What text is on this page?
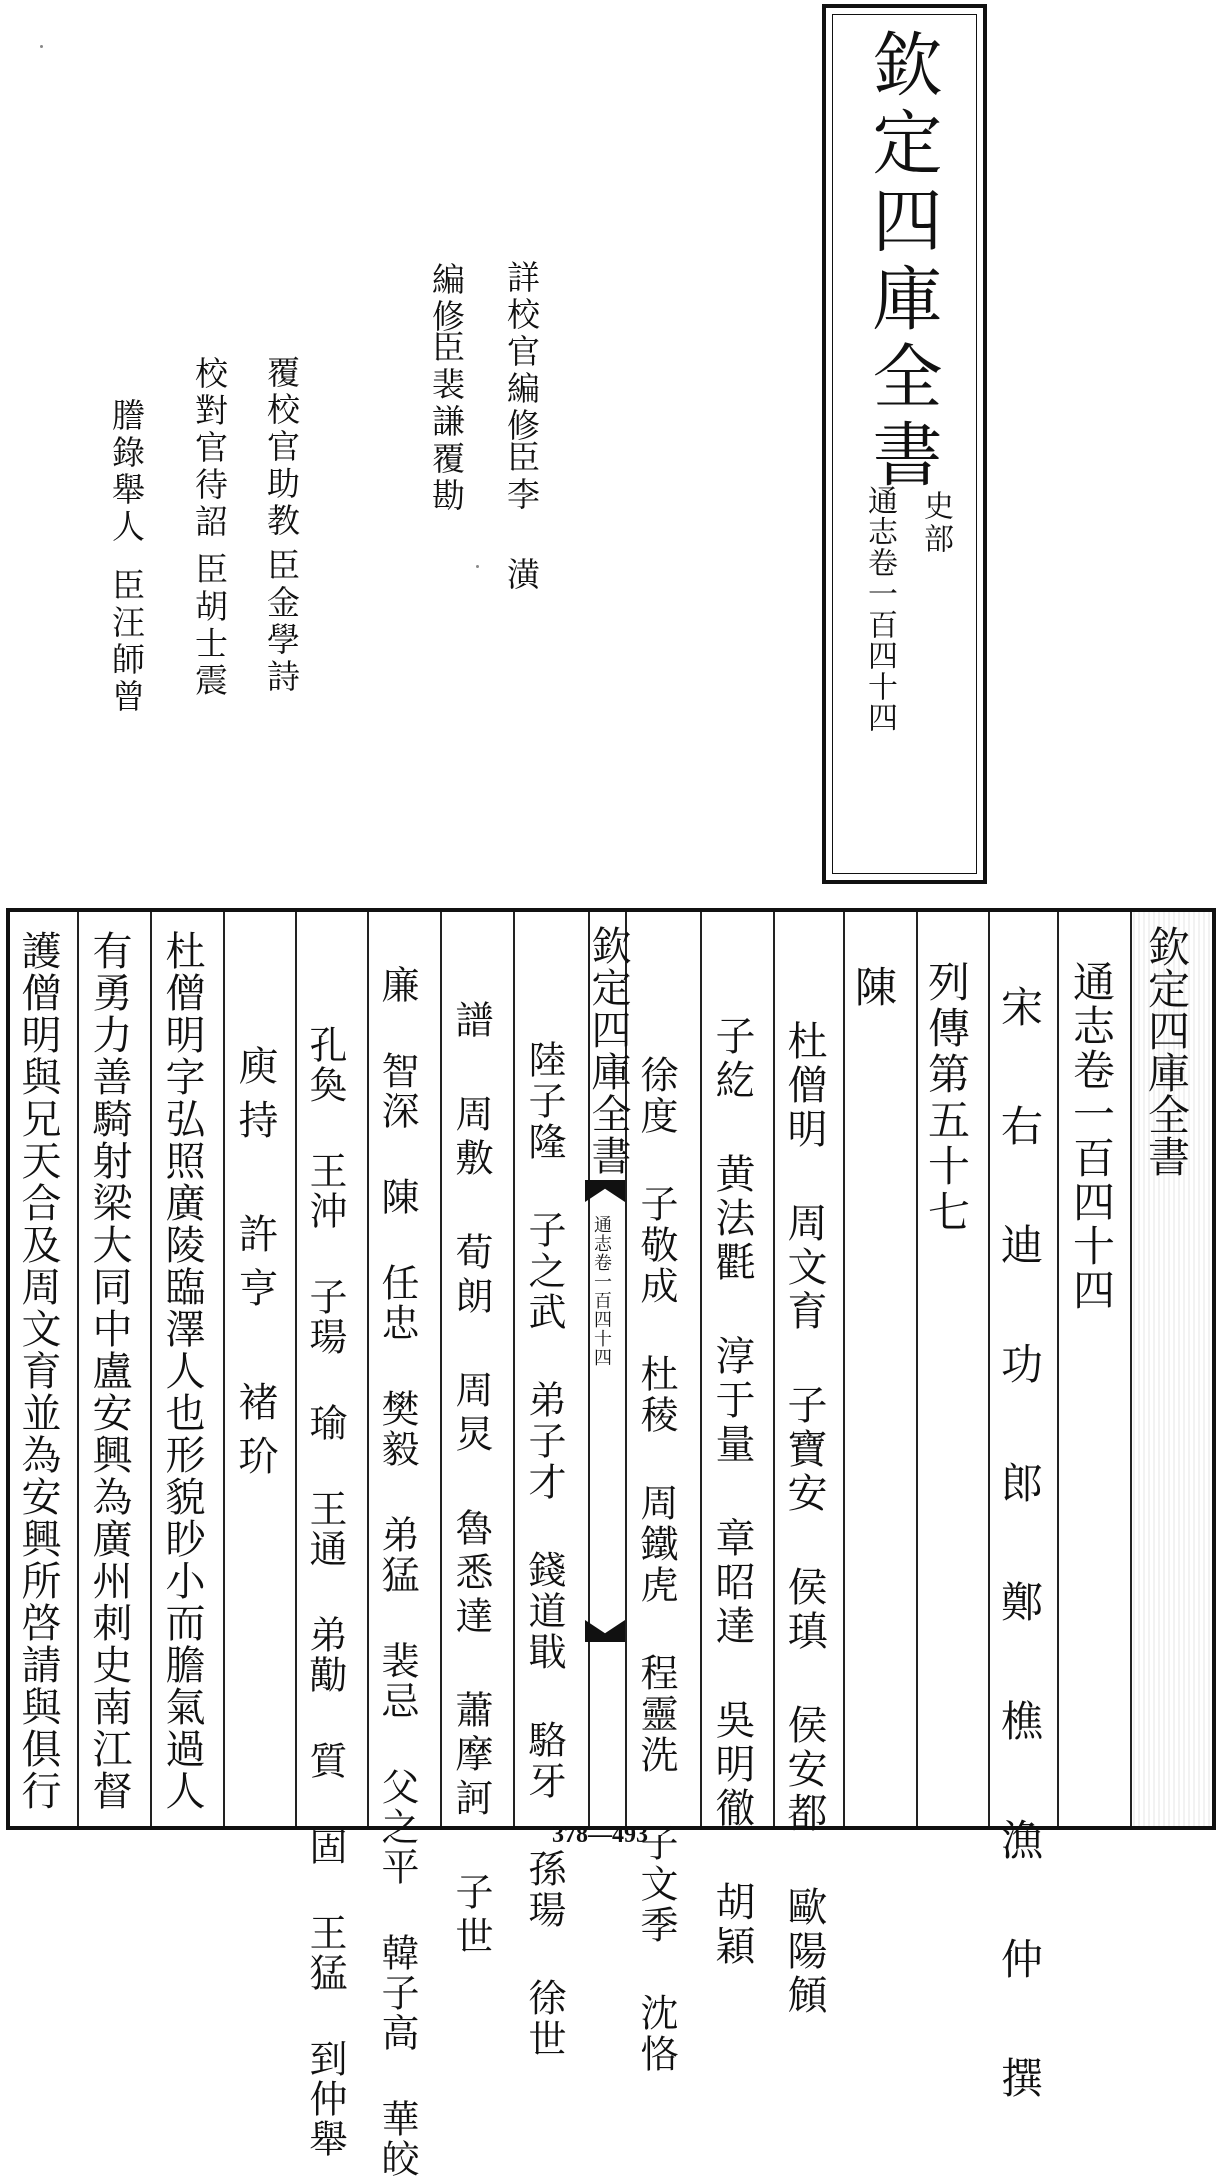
欽定四庫全書
史部
通志卷一百四十四
詳校官編修
臣李 潢
編修
臣裴謙覆勘
覆校官助教
臣金學詩
校對官待詔
臣胡士震
謄錄舉人
臣汪師曾
欽定四庫全書
通志卷一百四十四
宋 右 迪 功 郎 鄭 樵 漁 仲 撰
列傳第五十七
陳
杜僧明 周文育 子寶安 侯瑱 侯安都 歐陽頠
子紇 黄法氍 淳于量 章昭達 吳明徹 胡穎
徐度 子敬成 杜稜 周鐵虎 程靈洗 子文季 沈恪
欽定四庫全書
通志卷一百四十四
陸子隆 子之武 弟子才 錢道戢 駱牙 孫瑒 徐世
譜 周敷 荀朗 周炅 魯悉達 蕭摩訶 子世
廉 智深 陳 任忠 樊毅 弟猛 裴忌 父之平 韓子高 華皎
孔奐 王沖 子瑒 瑜 王通 弟勱 質 固 王猛 到仲舉
庾持 許亨 褚玠
杜僧明字弘照廣陵臨澤人也形貌眇小而膽氣過人
有勇力善騎射梁大同中盧安興為廣州刺史南江督
護僧明與兄天合及周文育並為安興所啓請與俱行
378—493
